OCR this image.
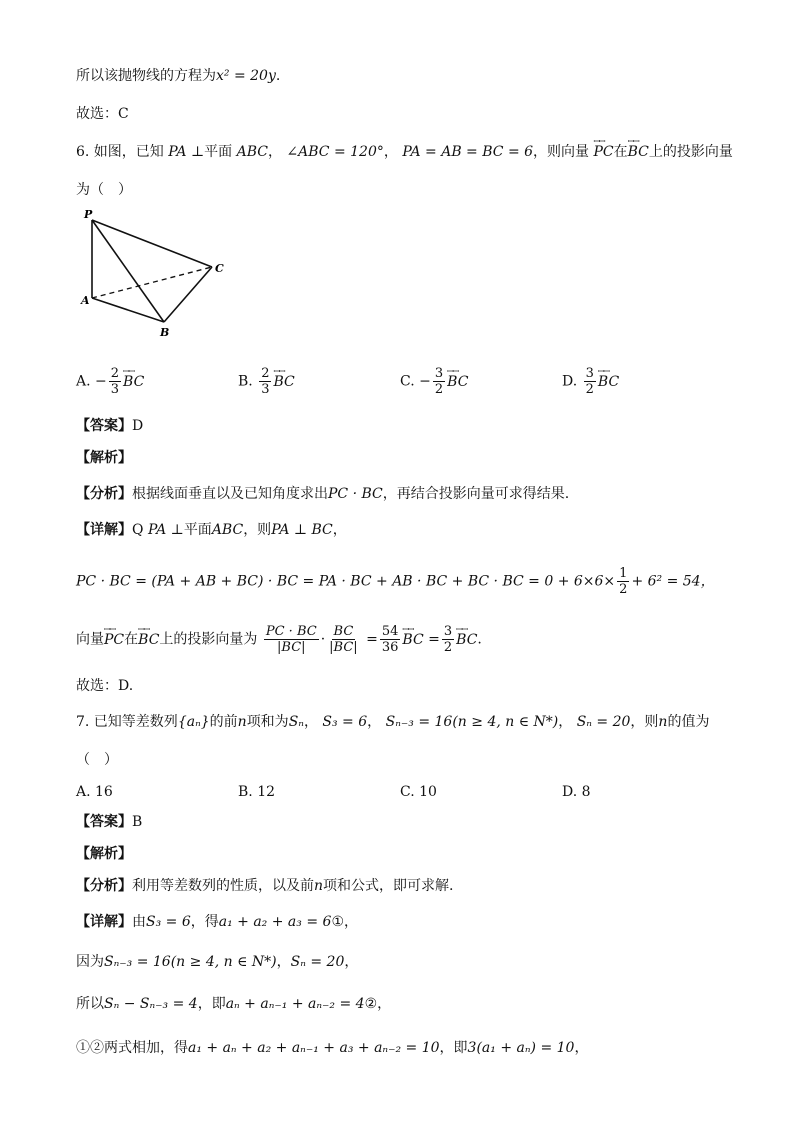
所以该抛物线的方程为x² = 20y.
故选：C
6. 如图，已知 PA ⊥平面 ABC， ∠ABC = 120°， PA = AB = BC = 6，则向量 ꟷꟷ PC在ꟷꟷ BC上的投影向量
为（　）
P
A
B
C
A. − $\frac{2}{3}$ ꟷꟷ BC	B. $\frac{2}{3}$ ꟷꟷ BC	C. − $\frac{3}{2}$ ꟷꟷ BC	D. $\frac{3}{2}$ ꟷꟷ BC
【答案】D
【解析】
【分析】根据线面垂直以及已知角度求出PC · BC，再结合投影向量可求得结果.
【详解】Q PA ⊥平面ABC，则PA ⊥ BC，
PC · BC = (PA + AB + BC) · BC = PA · BC + AB · BC + BC · BC = $0 + 6\times 6\times \frac{1}{2} + 6^2 = 54$，
向量ꟷꟷ PC在ꟷꟷ BC上的投影向量为 $\frac{PC \cdot BC}{|BC|} \cdot \frac{BC}{|BC|} = \frac{54}{36}$ ꟷꟷ BC = $\frac{3}{2}$ ꟷꟷ BC.
故选：D.
7. 已知等差数列{aₙ}的前n项和为Sₙ， S₃ = 6， Sₙ₋₃ = 16(n ≥ 4, n ∈ N*)， Sₙ = 20，则n的值为
（　）
A. 16	B. 12	C. 10	D. 8
【答案】B
【解析】
【分析】利用等差数列的性质，以及前n项和公式，即可求解.
【详解】由S₃ = 6，得a₁ + a₂ + a₃ = 6①，
因为Sₙ₋₃ = 16(n ≥ 4, n ∈ N*)，Sₙ = 20，
所以Sₙ − Sₙ₋₃ = 4，即aₙ + aₙ₋₁ + aₙ₋₂ = 4②，
①②两式相加，得a₁ + aₙ + a₂ + aₙ₋₁ + a₃ + aₙ₋₂ = 10，即3(a₁ + aₙ) = 10，
